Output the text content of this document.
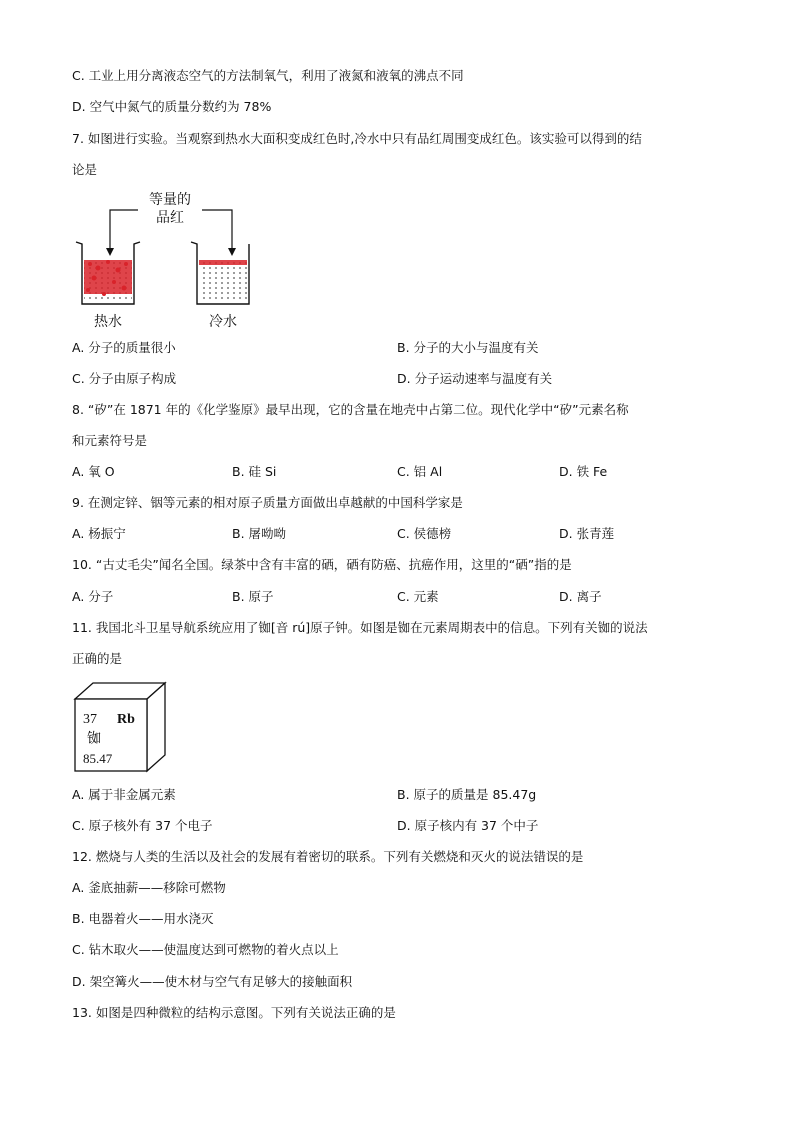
C. 工业上用分离液态空气的方法制氧气，利用了液氮和液氧的沸点不同
D. 空气中氮气的质量分数约为 78%
7. 如图进行实验。当观察到热水大面积变成红色时,冷水中只有品红周围变成红色。该实验可以得到的结
论是
等量的
品红
热水	冷水
A. 分子的质量很小	B. 分子的大小与温度有关
C. 分子由原子构成	D. 分子运动速率与温度有关
8. “矽”在 1871 年的《化学鉴原》最早出现，它的含量在地壳中占第二位。现代化学中“矽”元素名称
和元素符号是
A. 氧 O	B. 硅 Si	C. 铝 Al	D. 铁 Fe
9. 在测定锌、铟等元素的相对原子质量方面做出卓越献的中国科学家是
A. 杨振宁	B. 屠呦呦	C. 侯德榜	D. 张青莲
10. “古丈毛尖”闻名全国。绿茶中含有丰富的硒，硒有防癌、抗癌作用，这里的“硒”指的是
A. 分子	B. 原子	C. 元素	D. 离子
11. 我国北斗卫星导航系统应用了铷[音 rú]原子钟。如图是铷在元素周期表中的信息。下列有关铷的说法
正确的是
37 Rb
铷
85.47
A. 属于非金属元素	B. 原子的质量是 85.47g
C. 原子核外有 37 个电子	D. 原子核内有 37 个中子
12. 燃烧与人类的生活以及社会的发展有着密切的联系。下列有关燃烧和灭火的说法错误的是
A. 釜底抽薪——移除可燃物
B. 电器着火——用水浇灭
C. 钻木取火——使温度达到可燃物的着火点以上
D. 架空篝火——使木材与空气有足够大的接触面积
13. 如图是四种微粒的结构示意图。下列有关说法正确的是
